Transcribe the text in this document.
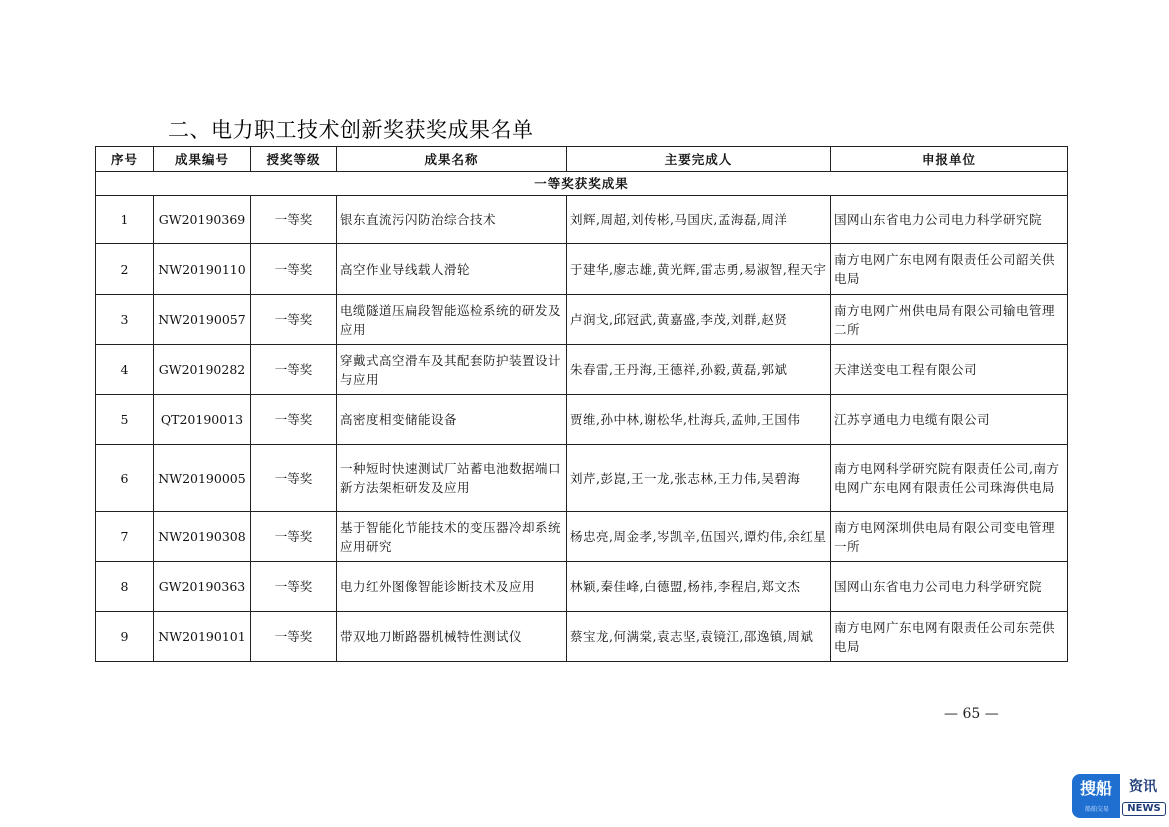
二、电力职工技术创新奖获奖成果名单
序号	成果编号	授奖等级	成果名称	主要完成人	申报单位
一等奖获奖成果					
1	GW20190369	一等奖	银东直流污闪防治综合技术	刘辉,周超,刘传彬,马国庆,孟海磊,周洋	国网山东省电力公司电力科学研究院
2	NW20190110	一等奖	高空作业导线载人滑轮	于建华,廖志雄,黄光辉,雷志勇,易淑智,程天宇	南方电网广东电网有限责任公司韶关供电局
3	NW20190057	一等奖	电缆隧道压扁段智能巡检系统的研发及应用	卢润戈,邱冠武,黄嘉盛,李茂,刘群,赵贤	南方电网广州供电局有限公司输电管理二所
4	GW20190282	一等奖	穿戴式高空滑车及其配套防护装置设计与应用	朱春雷,王丹海,王德祥,孙毅,黄磊,郭斌	天津送变电工程有限公司
5	QT20190013	一等奖	高密度相变储能设备	贾维,孙中林,谢松华,杜海兵,孟帅,王国伟	江苏亨通电力电缆有限公司
6	NW20190005	一等奖	一种短时快速测试厂站蓄电池数据端口新方法架柜研发及应用	刘芹,彭崑,王一龙,张志林,王力伟,吴碧海	南方电网科学研究院有限责任公司,南方电网广东电网有限责任公司珠海供电局
7	NW20190308	一等奖	基于智能化节能技术的变压器冷却系统应用研究	杨忠亮,周金孝,岑凯辛,伍国兴,谭灼伟,余红星	南方电网深圳供电局有限公司变电管理一所
8	GW20190363	一等奖	电力红外图像智能诊断技术及应用	林颖,秦佳峰,白德盟,杨祎,李程启,郑文杰	国网山东省电力公司电力科学研究院
9	NW20190101	一等奖	带双地刀断路器机械特性测试仪	蔡宝龙,何满棠,袁志坚,袁镜江,邵逸镇,周斌	南方电网广东电网有限责任公司东莞供电局
— 65 —
搜船
船舶交易
资讯
NEWS
